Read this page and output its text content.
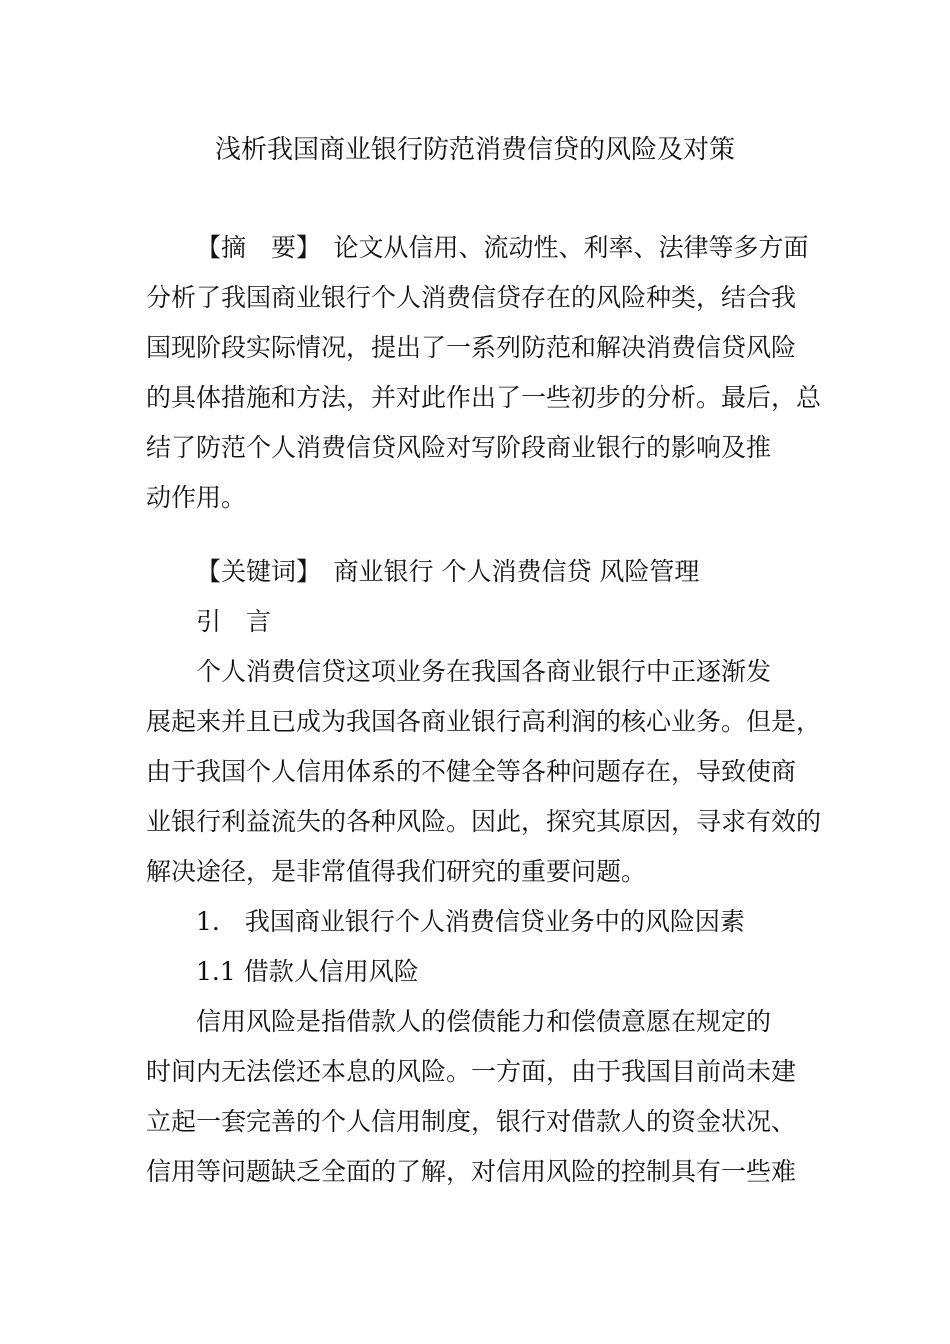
浅析我国商业银行防范消费信贷的风险及对策
【摘　要】　论文从信用、流动性、利率、法律等多方面
分析了我国商业银行个人消费信贷存在的风险种类，结合我
国现阶段实际情况，提出了一系列防范和解决消费信贷风险
的具体措施和方法，并对此作出了一些初步的分析。最后，总
结了防范个人消费信贷风险对写阶段商业银行的影响及推
动作用。
【关键词】　商业银行 个人消费信贷 风险管理
引　言
个人消费信贷这项业务在我国各商业银行中正逐渐发
展起来并且已成为我国各商业银行高利润的核心业务。但是，
由于我国个人信用体系的不健全等各种问题存在，导致使商
业银行利益流失的各种风险。因此，探究其原因，寻求有效的
解决途径，是非常值得我们研究的重要问题。
1.　我国商业银行个人消费信贷业务中的风险因素
1.1 借款人信用风险
信用风险是指借款人的偿债能力和偿债意愿在规定的
时间内无法偿还本息的风险。一方面，由于我国目前尚未建
立起一套完善的个人信用制度，银行对借款人的资金状况、
信用等问题缺乏全面的了解，对信用风险的控制具有一些难
